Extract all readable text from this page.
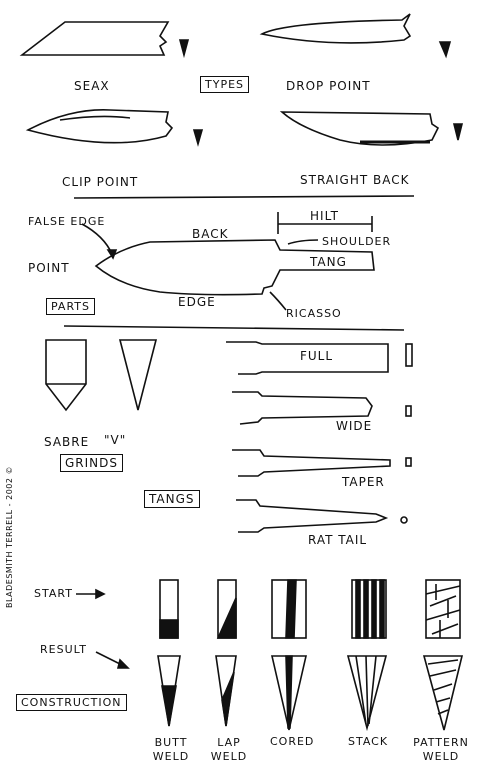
SEAX	TYPES	DROP POINT
CLIP POINT	STRAIGHT BACK
FALSE EDGE
POINT
BACK
HILT
SHOULDER
TANG
EDGE
RICASSO
PARTS
SABRE "V"
GRINDS
FULL
WIDE
TAPER
RAT TAIL
TANGS
START
RESULT
CONSTRUCTION
BUTT WELD
LAP WELD
CORED	STACK PATTERN WELD
BLADESMITH TERRELL - 2002 ©
